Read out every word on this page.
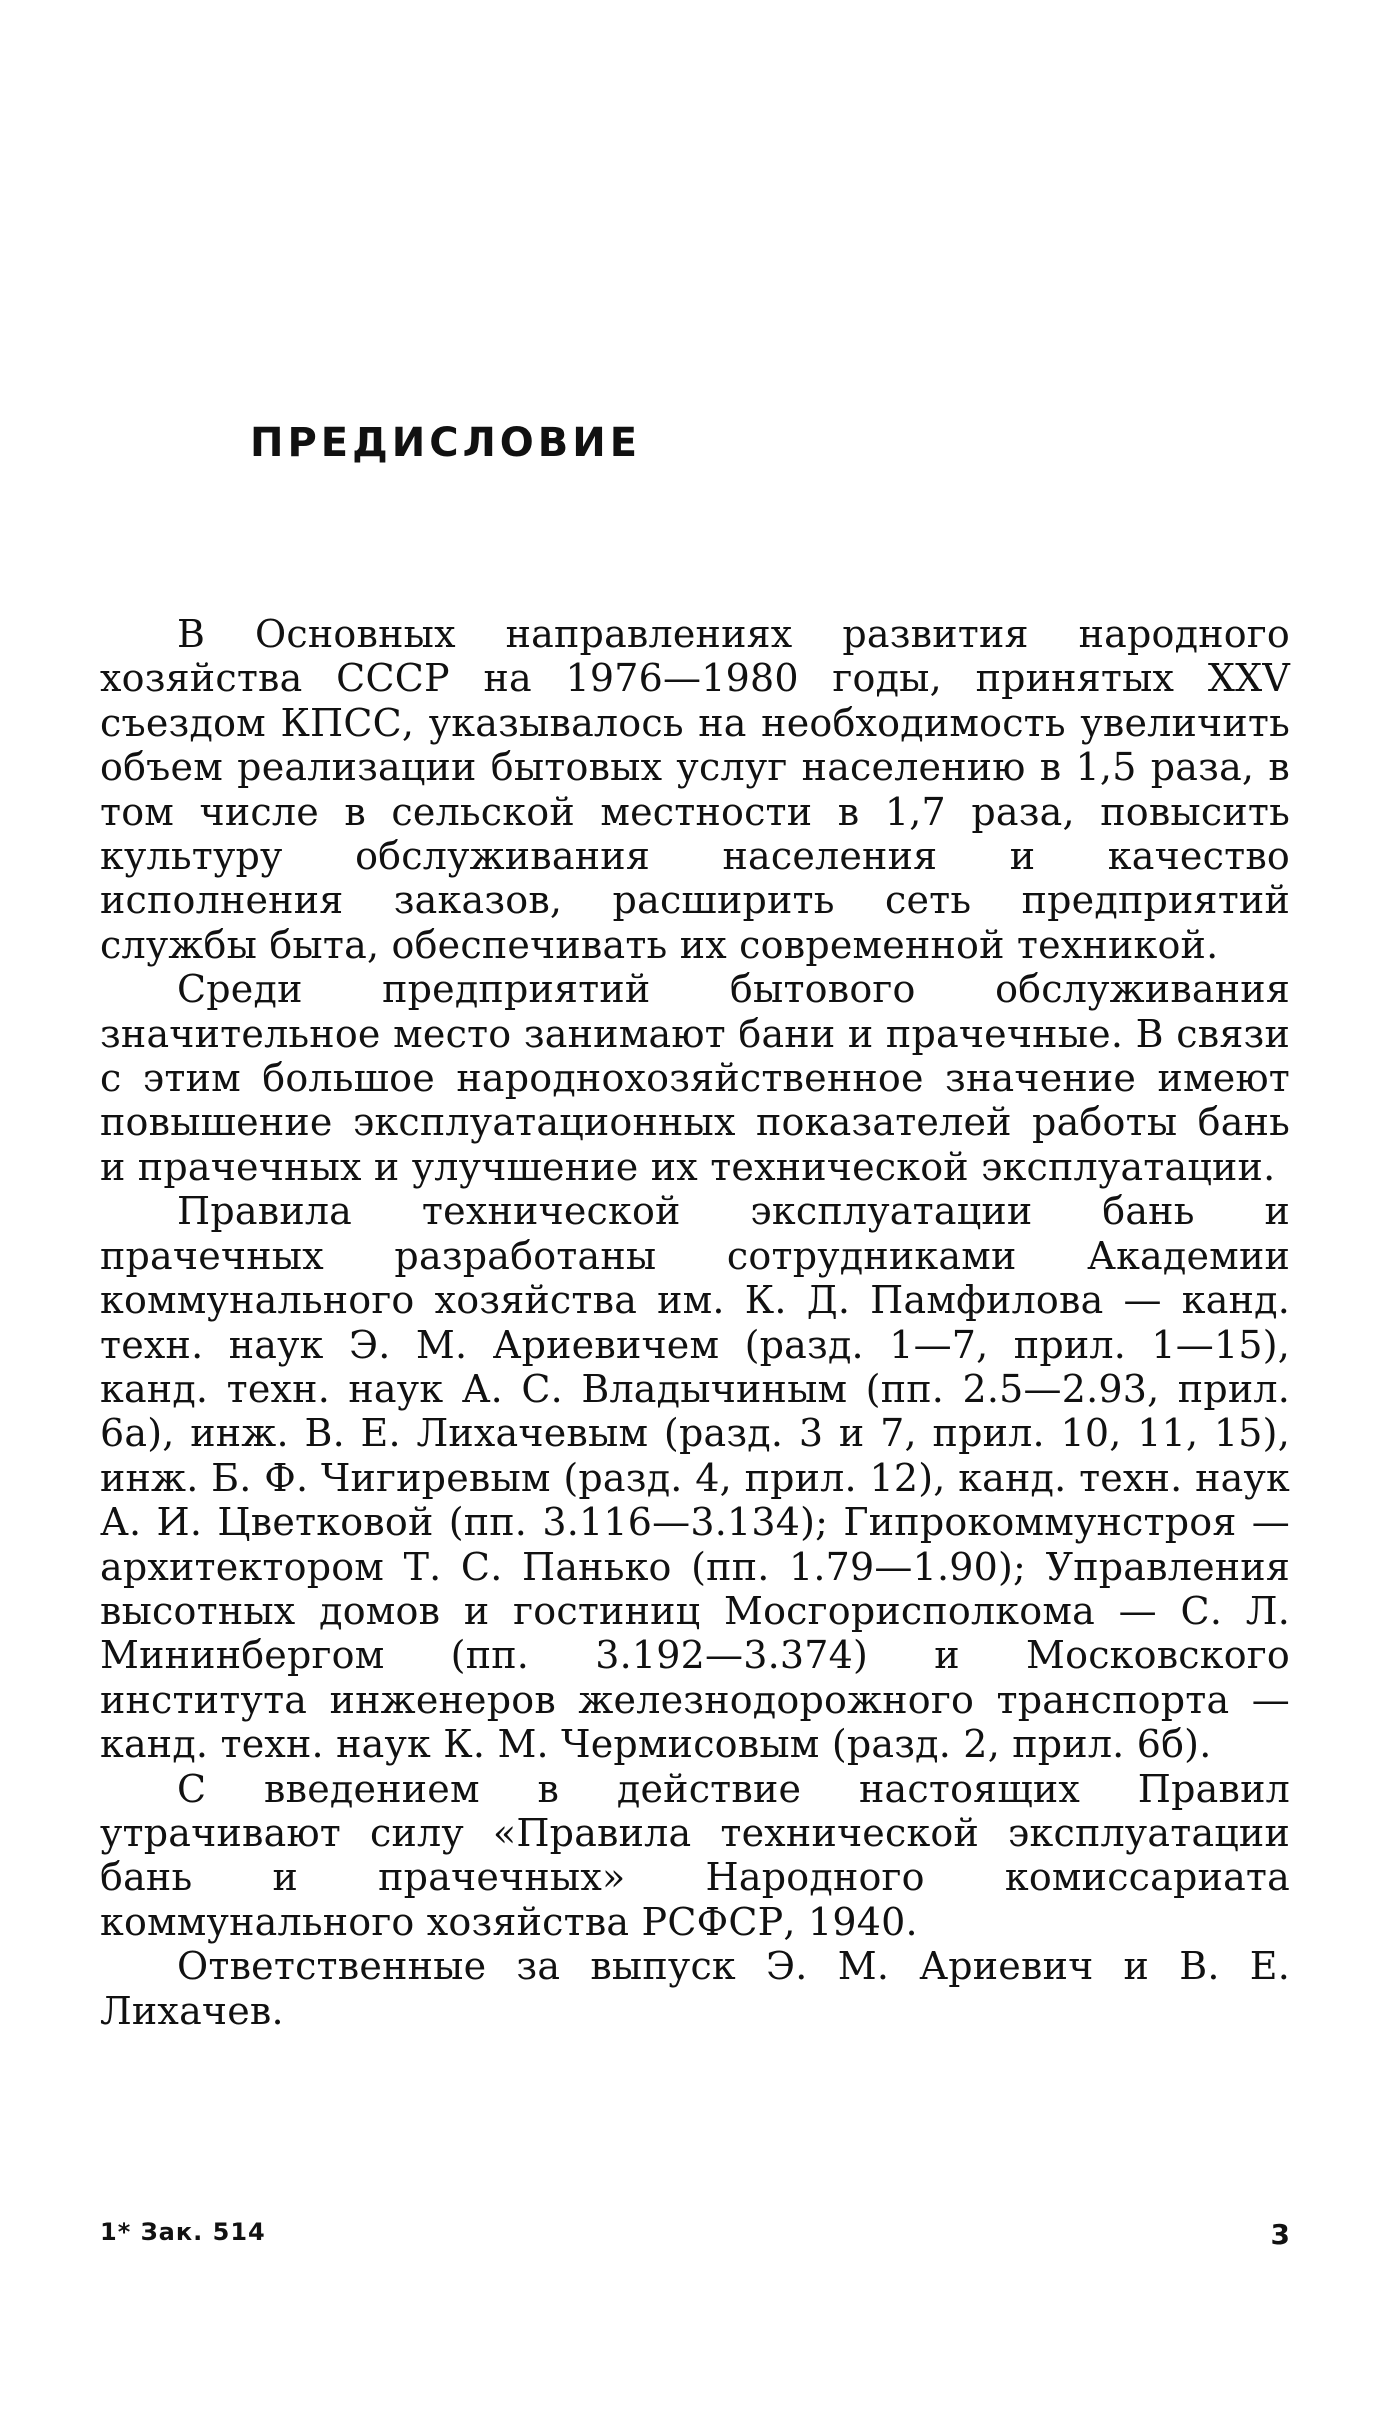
ПРЕДИСЛОВИЕ

В Основных направлениях развития народного хозяйства СССР на 1976—1980 годы, принятых XXV съездом КПСС, указывалось на необходимость увеличить объем реализации бытовых услуг населению в 1,5 раза, в том числе в сельской местности в 1,7 раза, повысить культуру обслуживания населения и качество исполнения заказов, расширить сеть предприятий службы быта, обеспечивать их современной техникой.

Среди предприятий бытового обслуживания значительное место занимают бани и прачечные. В связи с этим большое народнохозяйственное значение имеют повышение эксплуатационных показателей работы бань и прачечных и улучшение их технической эксплуатации.

Правила технической эксплуатации бань и прачечных разработаны сотрудниками Академии коммунального хозяйства им. К. Д. Памфилова — канд. техн. наук Э. М. Ариевичем (разд. 1—7, прил. 1—15), канд. техн. наук А. С. Владычиным (пп. 2.5—2.93, прил. 6а), инж. В. Е. Лихачевым (разд. 3 и 7, прил. 10, 11, 15), инж. Б. Ф. Чигиревым (разд. 4, прил. 12), канд. техн. наук А. И. Цветковой (пп. 3.116—3.134); Гипрокоммунстроя — архитектором Т. С. Панько (пп. 1.79—1.90); Управления высотных домов и гостиниц Мосгорисполкома — С. Л. Мининбергом (пп. 3.192—3.374) и Московского института инженеров железнодорожного транспорта — канд. техн. наук К. М. Чермисовым (разд. 2, прил. 6б).

С введением в действие настоящих Правил утрачивают силу «Правила технической эксплуатации бань и прачечных» Народного комиссариата коммунального хозяйства РСФСР, 1940.

Ответственные за выпуск Э. М. Ариевич и В. Е. Лихачев.

1* Зак. 514	3
